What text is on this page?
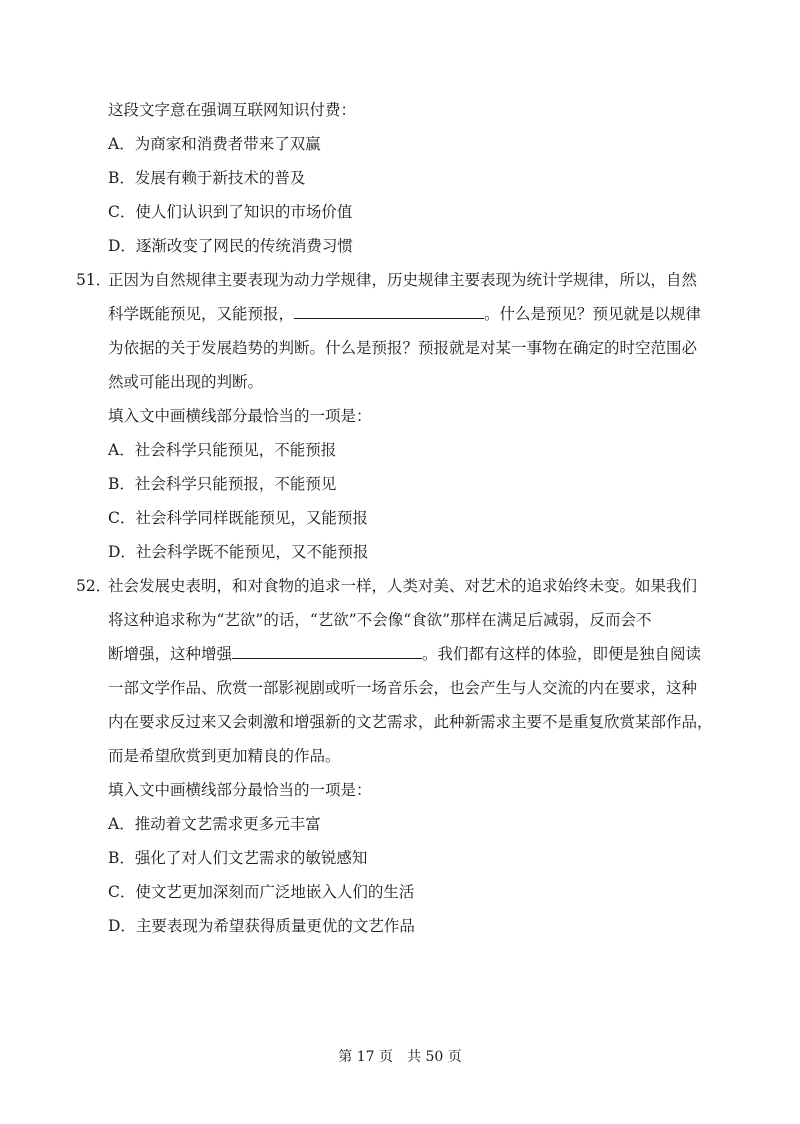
这段文字意在强调互联网知识付费：
A．为商家和消费者带来了双赢
B．发展有赖于新技术的普及
C．使人们认识到了知识的市场价值
D．逐渐改变了网民的传统消费习惯
51．
正因为自然规律主要表现为动力学规律，历史规律主要表现为统计学规律，所以，自然
科学既能预见，又能预报，	。什么是预见？预见就是以规律
为依据的关于发展趋势的判断。什么是预报？预报就是对某一事物在确定的时空范围必
然或可能出现的判断。
填入文中画横线部分最恰当的一项是：
A．社会科学只能预见，不能预报
B．社会科学只能预报，不能预见
C．社会科学同样既能预见，又能预报
D．社会科学既不能预见，又不能预报
52．
社会发展史表明，和对食物的追求一样，人类对美、对艺术的追求始终未变。如果我们
将这种追求称为“艺欲”的话，“艺欲”不会像“食欲”那样在满足后减弱，反而会不
断增强，这种增强	。我们都有这样的体验，即便是独自阅读
一部文学作品、欣赏一部影视剧或听一场音乐会，也会产生与人交流的内在要求，这种
内在要求反过来又会刺激和增强新的文艺需求，此种新需求主要不是重复欣赏某部作品，
而是希望欣赏到更加精良的作品。
填入文中画横线部分最恰当的一项是：
A．推动着文艺需求更多元丰富
B．强化了对人们文艺需求的敏锐感知
C．使文艺更加深刻而广泛地嵌入人们的生活
D．主要表现为希望获得质量更优的文艺作品
第 17 页　共 50 页
